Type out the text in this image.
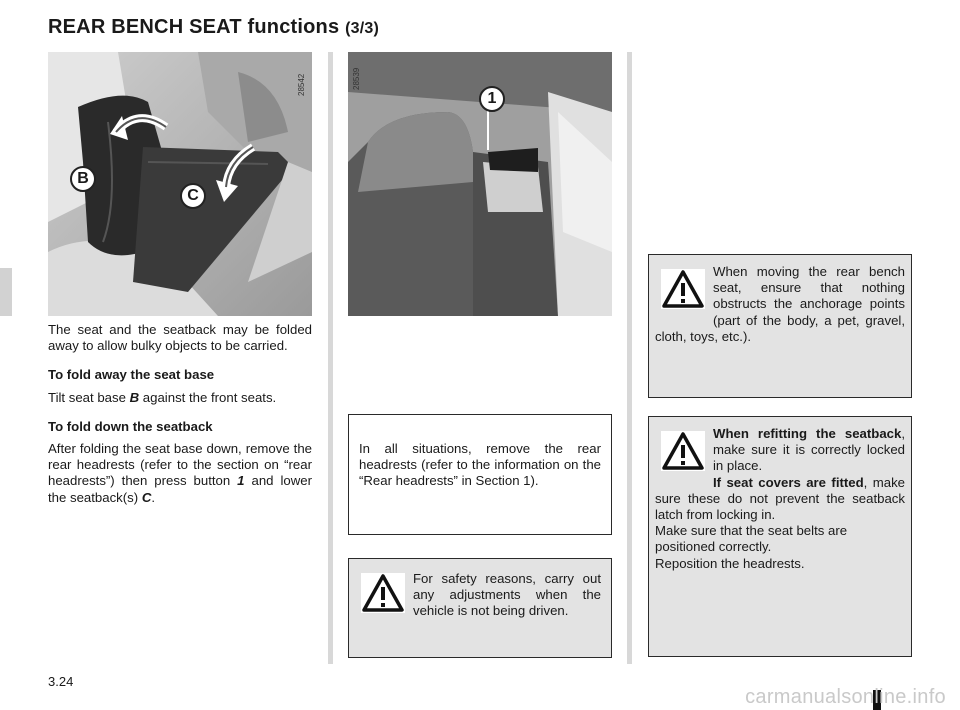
REAR BENCH SEAT functions (3/3)
B
C
28542
1
28539

The seat and the seatback may be folded away to allow bulky objects to be carried.

To fold away the seat base

Tilt seat base B against the front seats.

To fold down the seatback

After folding the seat base down, remove the rear headrests (refer to the section on “rear headrests”) then press button 1 and lower the seatback(s) C.

In all situations, remove the rear headrests (refer to the information on the “Rear headrests” in Section 1).
For safety reasons, carry out any adjustments when the vehicle is not being driven.
When moving the rear bench seat, ensure that nothing obstructs the anchorage points (part of the body, a pet, gravel, cloth, toys, etc.).
When refitting the seatback, make sure it is correctly locked in place.
If seat covers are fitted, make sure these do not prevent the seatback latch from locking in.
Make sure that the seat belts are positioned correctly.
Reposition the headrests.
3.24
carmanualsonline.info
